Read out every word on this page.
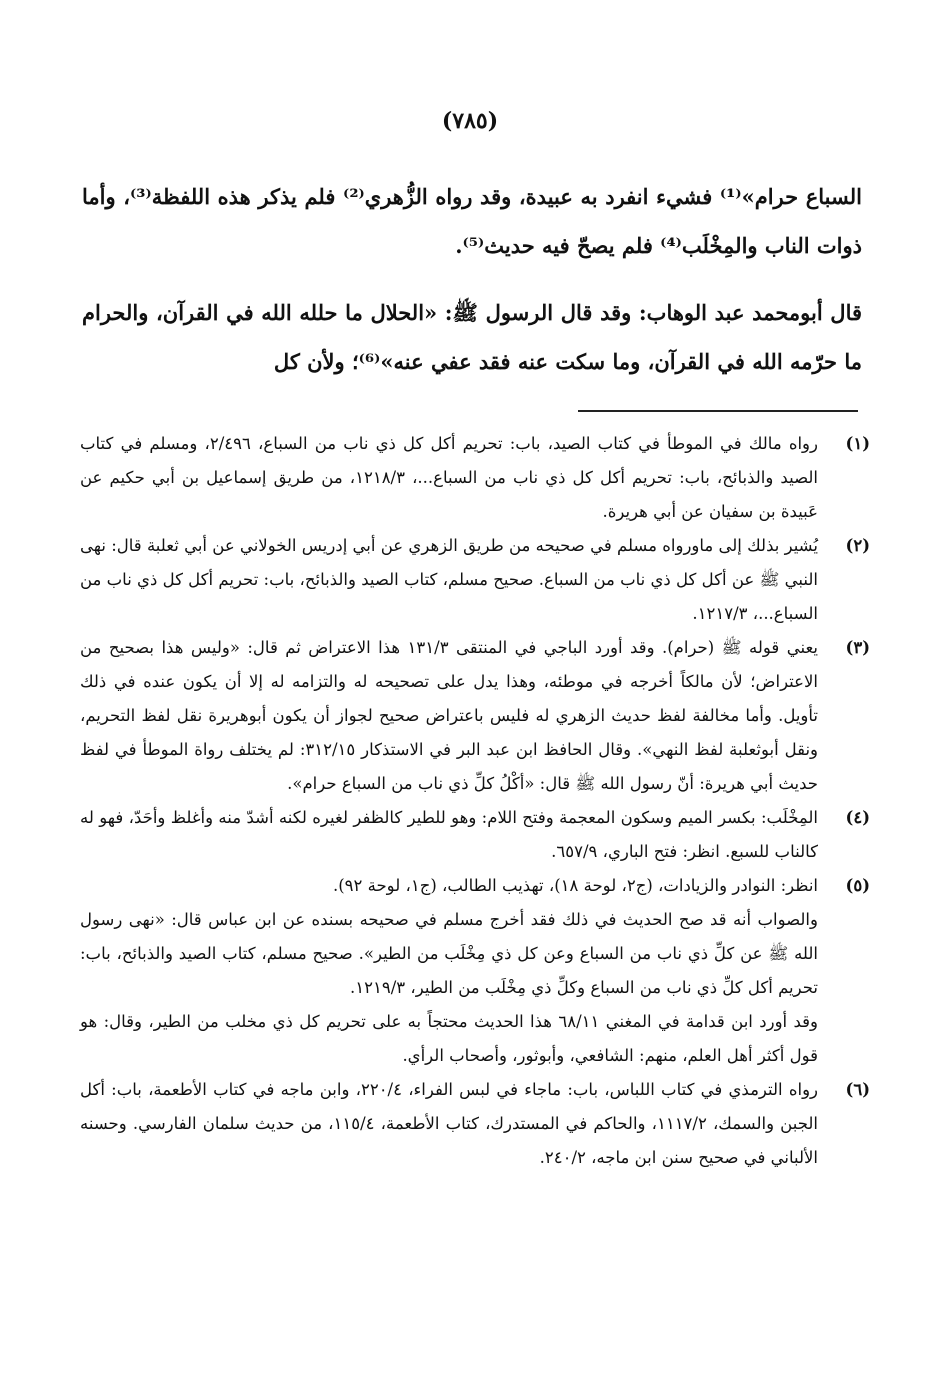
(٧٨٥)

السباع حرام»⁽¹⁾ فشيء انفرد به عبيدة، وقد رواه الزُّهري⁽²⁾ فلم يذكر هذه اللفظة⁽³⁾، وأما ذوات الناب والمِخْلَب⁽⁴⁾ فلم يصحّ فيه حديث⁽⁵⁾.

قال أبومحمد عبد الوهاب: وقد قال الرسول ﷺ: «الحلال ما حلله الله في القرآن، والحرام ما حرّمه الله في القرآن، وما سكت عنه فقد عفي عنه»⁽⁶⁾؛ ولأن كل

(١)

رواه مالك في الموطأ في كتاب الصيد، باب: تحريم أكل كل ذي ناب من السباع، ٢/٤٩٦، ومسلم في كتاب الصيد والذبائح، باب: تحريم أكل كل ذي ناب من السباع...، ١٢١٨/٣، من طريق إسماعيل بن أبي حكيم عن عَبيدة بن سفيان عن أبي هريرة.

(٢)

يُشير بذلك إلى ماورواه مسلم في صحيحه من طريق الزهري عن أبي إدريس الخولاني عن أبي ثعلبة قال: نهى النبي ﷺ عن أكل كل ذي ناب من السباع. صحيح مسلم، كتاب الصيد والذبائح، باب: تحريم أكل كل ذي ناب من السباع...، ١٢١٧/٣.

(٣)

يعني قوله ﷺ (حرام). وقد أورد الباجي في المنتقى ١٣١/٣ هذا الاعتراض ثم قال: «وليس هذا بصحيح من الاعتراض؛ لأن مالكاً أخرجه في موطئه، وهذا يدل على تصحيحه له والتزامه له إلا أن يكون عنده في ذلك تأويل. وأما مخالفة لفظ حديث الزهري له فليس باعتراض صحيح لجواز أن يكون أبوهريرة نقل لفظ التحريم، ونقل أبوثعلبة لفظ النهي». وقال الحافظ ابن عبد البر في الاستذكار ٣١٢/١٥: لم يختلف رواة الموطأ في لفظ حديث أبي هريرة: أنّ رسول الله ﷺ قال: «أكْلُ كلِّ ذي ناب من السباع حرام».

(٤)

المِخْلَب: بكسر الميم وسكون المعجمة وفتح اللام: وهو للطير كالظفر لغيره لكنه أشدّ منه وأغلظ وأحَدّ، فهو له كالناب للسبع. انظر: فتح الباري، ٦٥٧/٩.

(٥)

انظر: النوادر والزيادات، (ج٢، لوحة ١٨)، تهذيب الطالب، (ج١، لوحة ٩٢).

والصواب أنه قد صح الحديث في ذلك فقد أخرج مسلم في صحيحه بسنده عن ابن عباس قال: «نهى رسول الله ﷺ عن كلِّ ذي ناب من السباع وعن كل ذي مِخْلَب من الطير». صحيح مسلم، كتاب الصيد والذبائح، باب: تحريم أكل كلِّ ذي ناب من السباع وكلِّ ذي مِخْلَب من الطير، ١٢١٩/٣.

وقد أورد ابن قدامة في المغني ٦٨/١١ هذا الحديث محتجاً به على تحريم كل ذي مخلب من الطير، وقال: هو قول أكثر أهل العلم، منهم: الشافعي، وأبوثور، وأصحاب الرأي.

(٦)

رواه الترمذي في كتاب اللباس، باب: ماجاء في لبس الفراء، ٢٢٠/٤، وابن ماجه في كتاب الأطعمة، باب: أكل الجبن والسمك، ١١١٧/٢، والحاكم في المستدرك، كتاب الأطعمة، ١١٥/٤، من حديث سلمان الفارسي. وحسنه الألباني في صحيح سنن ابن ماجه، ٢٤٠/٢.
